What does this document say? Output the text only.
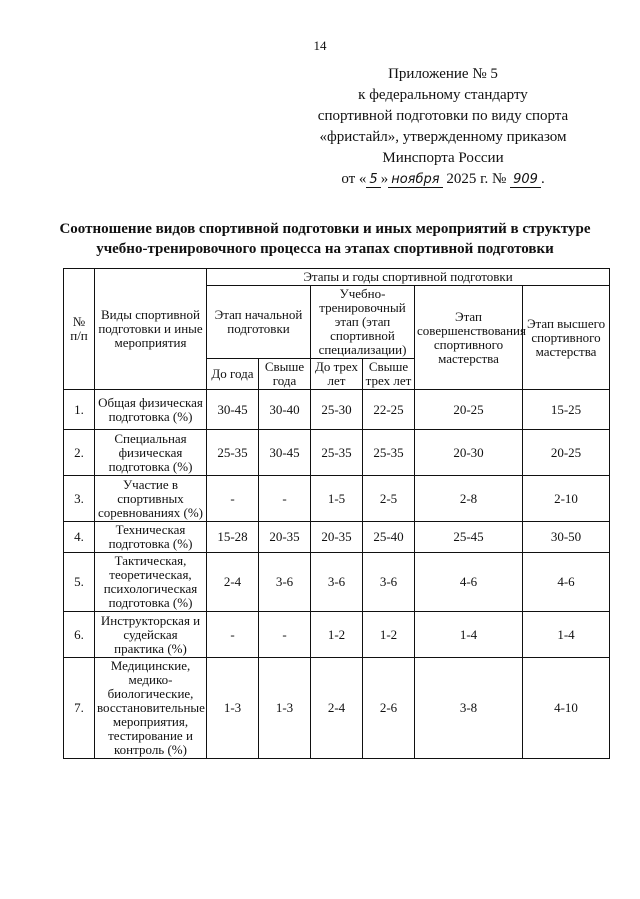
14
Приложение № 5
к федеральному стандарту
спортивной подготовки по виду спорта
«фристайл», утвержденному приказом
Минспорта России
от « 5 » ноября 2025 г. № 909 .
Соотношение видов спортивной подготовки и иных мероприятий в структуре
учебно-тренировочного процесса на этапах спортивной подготовки
№ п/п	Виды спортивной подготовки и иные мероприятия	Этапы и годы спортивной подготовки					
		Этап начальной подготовки		Учебно-тренировочный этап (этап спортивной специализации)		Этап совершенствования спортивного мастерства	Этап высшего спортивного мастерства
		До года	Свыше года	До трех лет	Свыше трех лет		
1.	Общая физическая подготовка (%)	30-45	30-40	25-30	22-25	20-25	15-25
2.	Специальная физическая подготовка (%)	25-35	30-45	25-35	25-35	20-30	20-25
3.	Участие в спортивных соревнованиях (%)	-	-	1-5	2-5	2-8	2-10
4.	Техническая подготовка (%)	15-28	20-35	20-35	25-40	25-45	30-50
5.	Тактическая, теоретическая, психологическая подготовка (%)	2-4	3-6	3-6	3-6	4-6	4-6
6.	Инструкторская и судейская практика (%)	-	-	1-2	1-2	1-4	1-4
7.	Медицинские, медико-биологические, восстановительные мероприятия, тестирование и контроль (%)	1-3	1-3	2-4	2-6	3-8	4-10
